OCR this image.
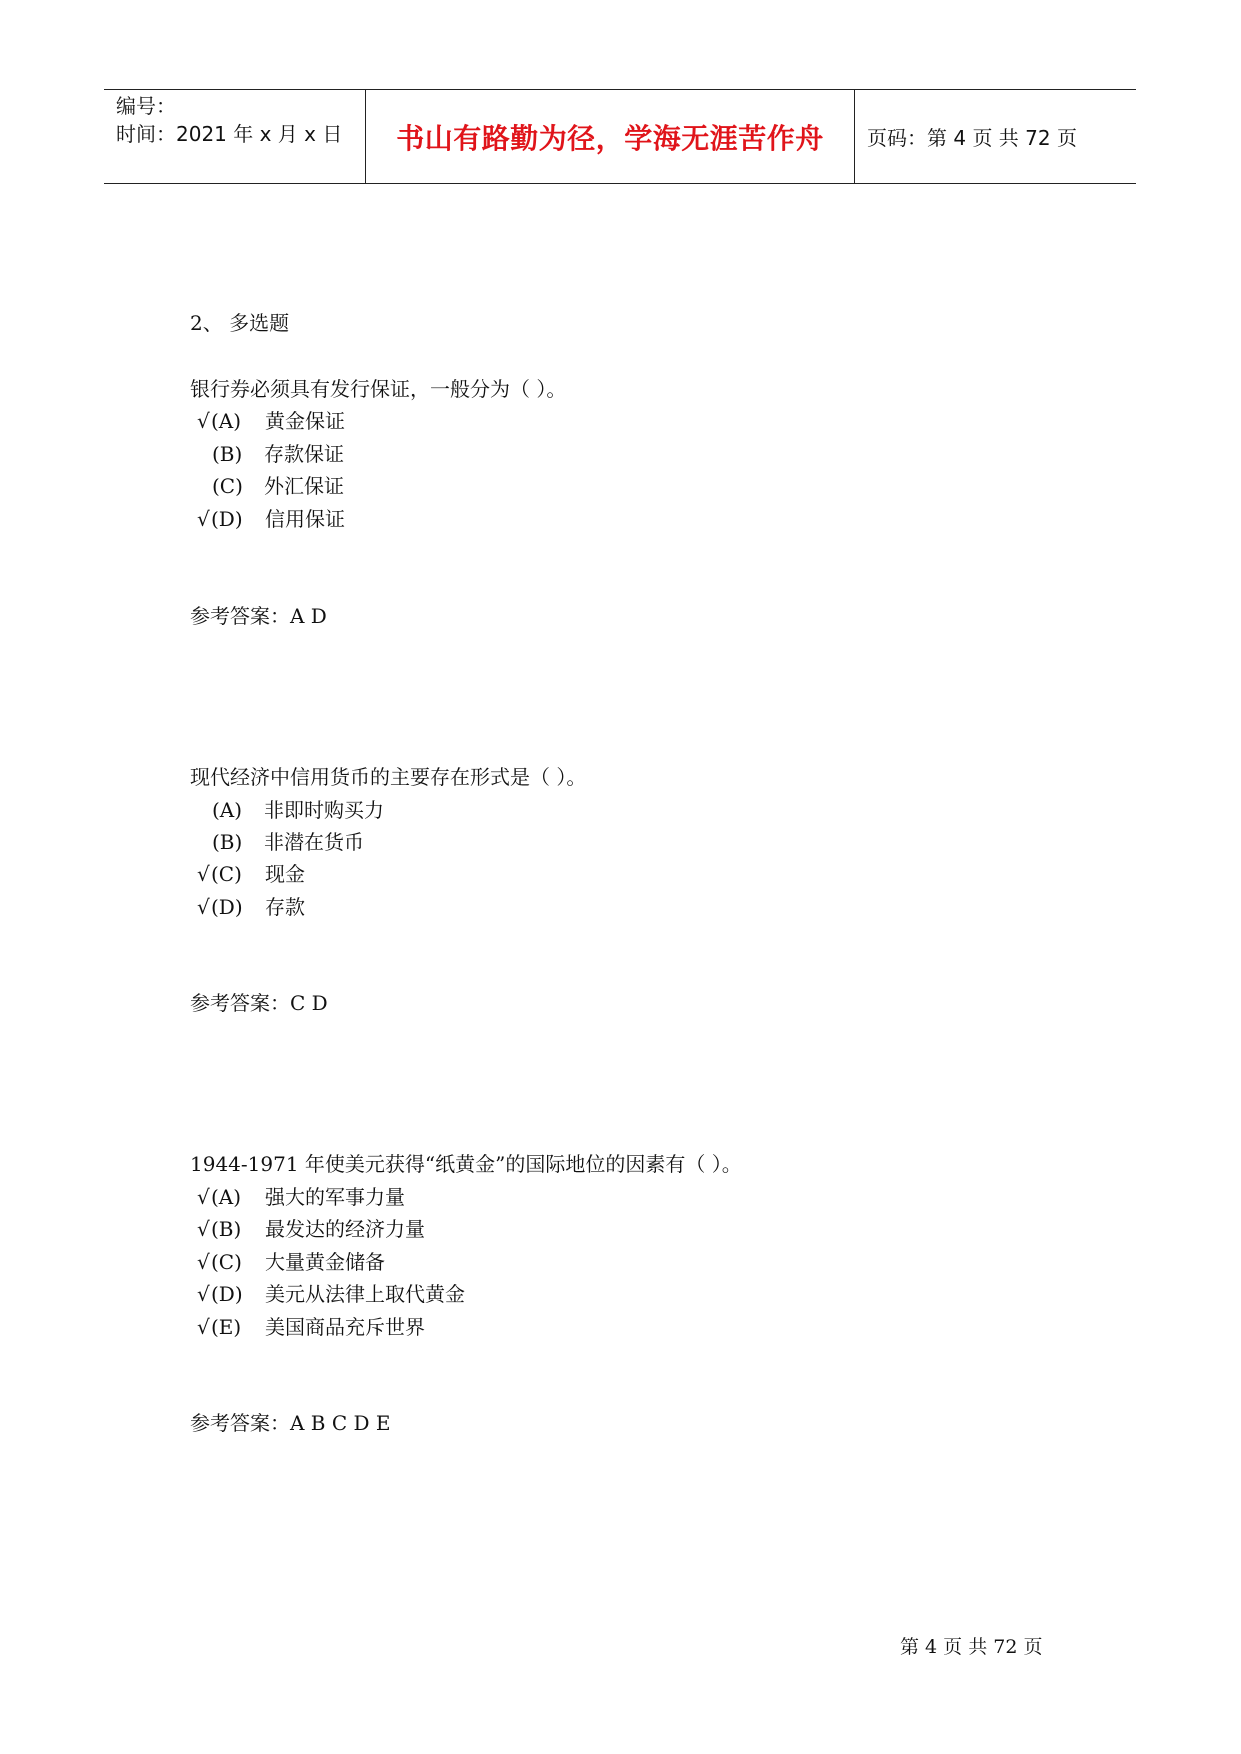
编号：
时间：2021 年 x 月 x 日	书山有路勤为径，学海无涯苦作舟	页码：第 4 页 共 72 页
2、 多选题
银行券必须具有发行保证，一般分为（ ）。
√(A) 黄金保证
(B) 存款保证
(C) 外汇保证
√(D) 信用保证
参考答案：A D
现代经济中信用货币的主要存在形式是（ ）。
(A) 非即时购买力
(B) 非潜在货币
√(C) 现金
√(D) 存款
参考答案：C D
1944-1971 年使美元获得“纸黄金”的国际地位的因素有（ ）。
√(A) 强大的军事力量
√(B) 最发达的经济力量
√(C) 大量黄金储备
√(D) 美元从法律上取代黄金
√(E) 美国商品充斥世界
参考答案：A B C D E
第 4 页 共 72 页
